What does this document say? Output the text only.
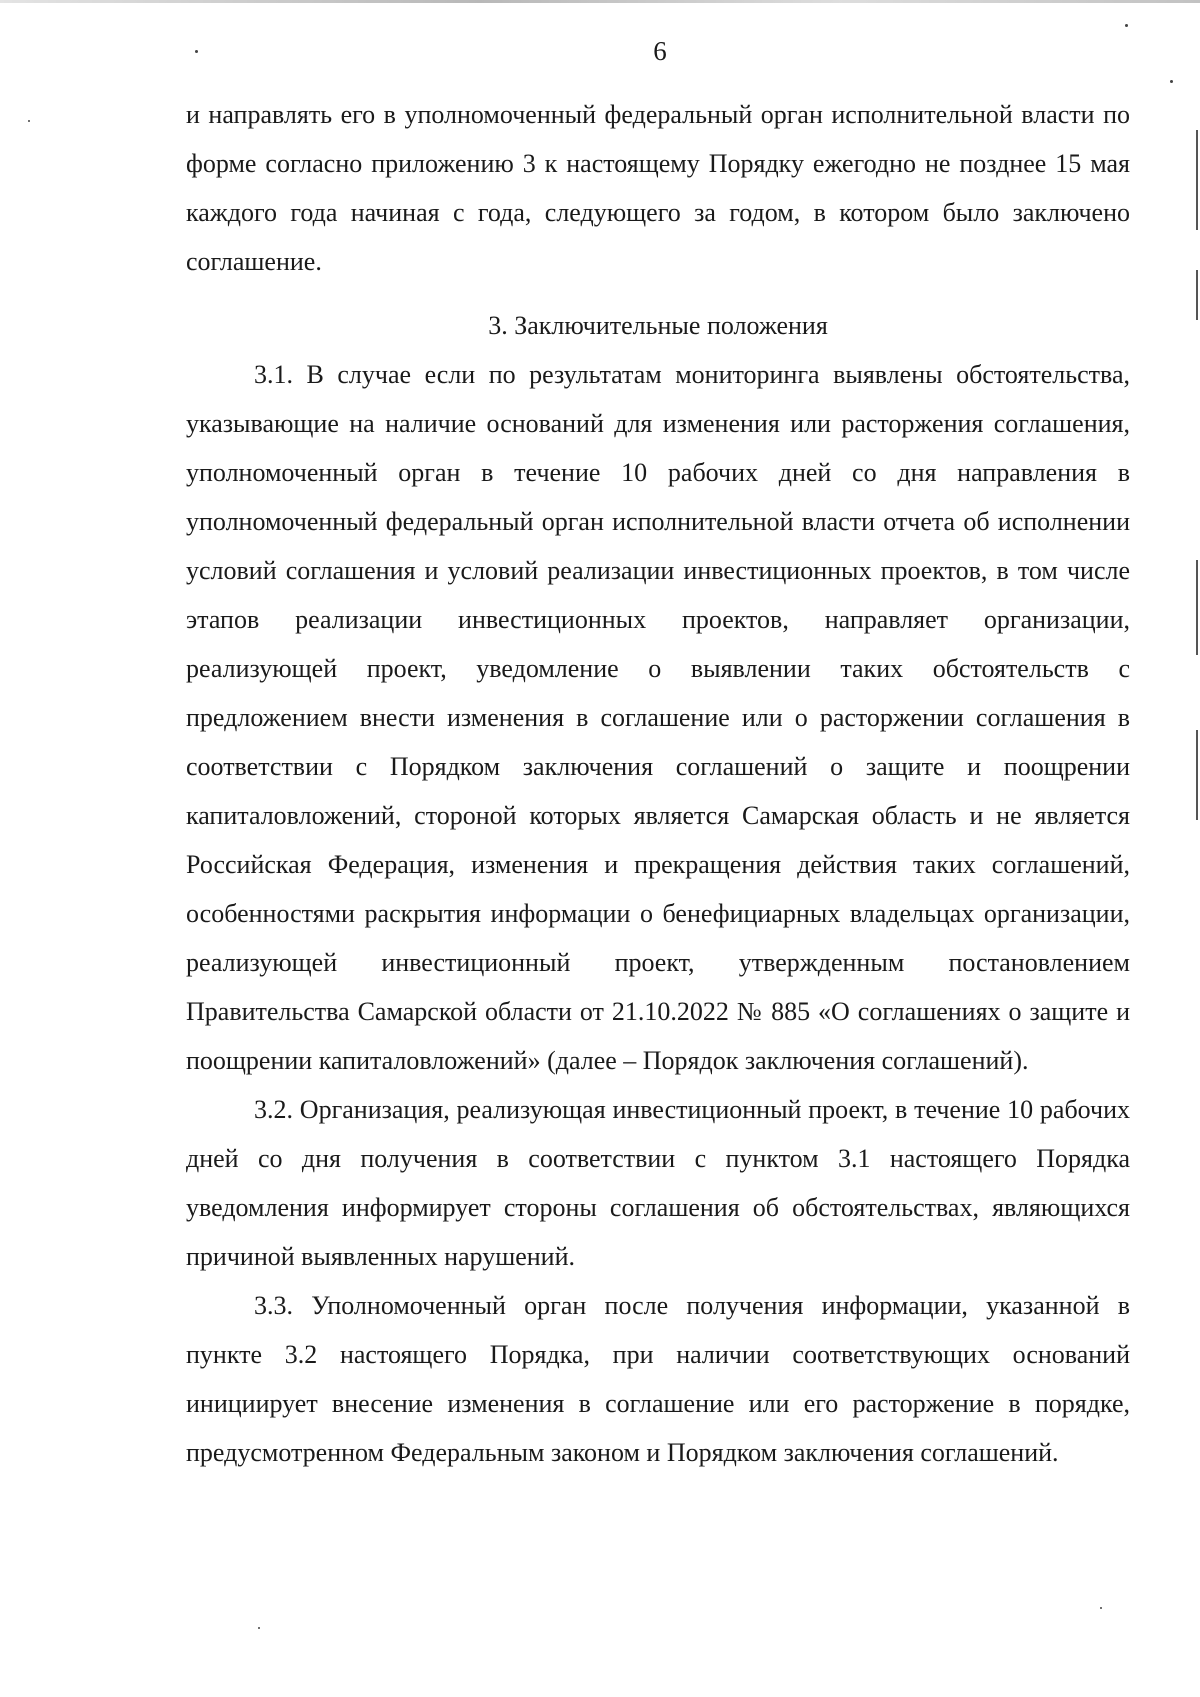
6

и направлять его в уполномоченный федеральный орган исполнительной власти по форме согласно приложению 3 к настоящему Порядку ежегодно не позднее 15 мая каждого года начиная с года, следующего за годом, в котором было заключено соглашение.

3. Заключительные положения

3.1. В случае если по результатам мониторинга выявлены обстоятельства, указывающие на наличие оснований для изменения или расторжения соглашения, уполномоченный орган в течение 10 рабочих дней со дня направления в уполномоченный федеральный орган исполнительной власти отчета об исполнении условий соглашения и условий реализации инвестиционных проектов, в том числе этапов реализации инвестиционных проектов, направляет организации, реализующей проект, уведомление о выявлении таких обстоятельств с предложением внести изменения в соглашение или о расторжении соглашения в соответствии с Порядком заключения соглашений о защите и поощрении капиталовложений, стороной которых является Самарская область и не является Российская Федерация, изменения и прекращения действия таких соглашений, особенностями раскрытия информации о бенефициарных владельцах организации, реализующей инвестиционный проект, утвержденным постановлением Правительства Самарской области от 21.10.2022 № 885 «О соглашениях о защите и поощрении капиталовложений» (далее – Порядок заключения соглашений).

3.2. Организация, реализующая инвестиционный проект, в течение 10 рабочих дней со дня получения в соответствии с пунктом 3.1 настоящего Порядка уведомления информирует стороны соглашения об обстоятельствах, являющихся причиной выявленных нарушений.

3.3. Уполномоченный орган после получения информации, указанной в пункте 3.2 настоящего Порядка, при наличии соответствующих оснований инициирует внесение изменения в соглашение или его расторжение в порядке, предусмотренном Федеральным законом и Порядком заключения соглашений.
